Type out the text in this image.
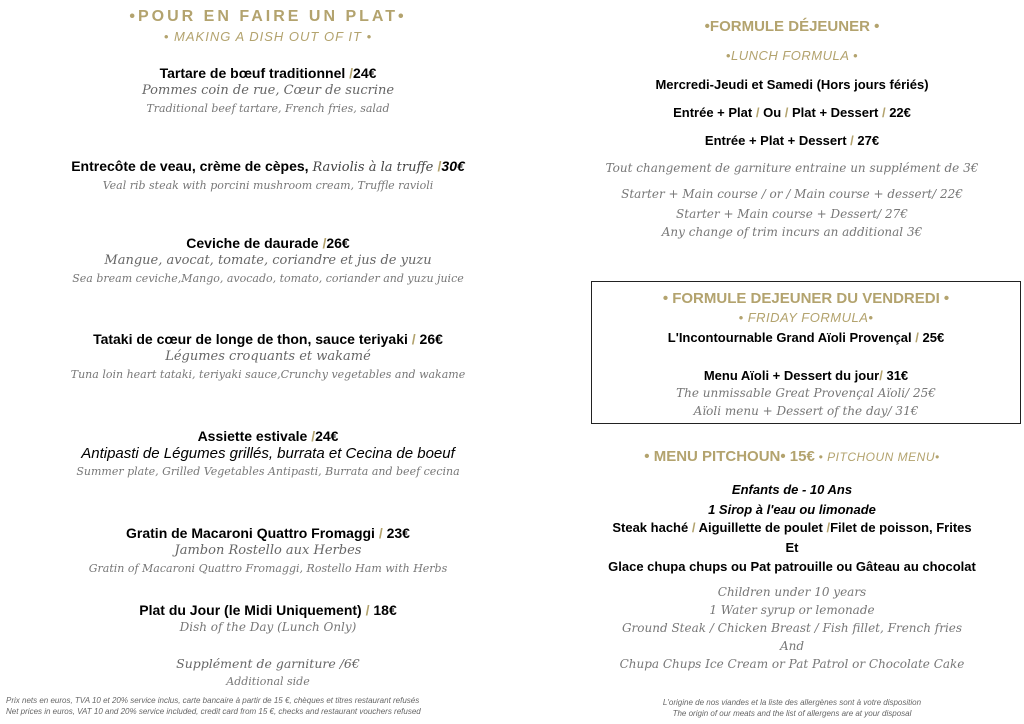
•POUR EN FAIRE UN PLAT•
• MAKING A DISH OUT OF IT •
Tartare de bœuf traditionnel /24€
Pommes coin de rue, Cœur de sucrine
Traditional beef tartare, French fries, salad
Entrecôte de veau, crème de cèpes, Raviolis à la truffe /30€
Veal rib steak with porcini mushroom cream, Truffle ravioli
Ceviche de daurade /26€
Mangue, avocat, tomate, coriandre et jus de yuzu
Sea bream ceviche,Mango, avocado, tomato, coriander and yuzu juice
Tataki de cœur de longe de thon, sauce teriyaki / 26€
Légumes croquants et wakamé
Tuna loin heart tataki, teriyaki sauce,Crunchy vegetables and wakame
Assiette estivale /24€
Antipasti de Légumes grillés, burrata et Cecina de boeuf
Summer plate, Grilled Vegetables Antipasti, Burrata and beef cecina
Gratin de Macaroni Quattro Fromaggi / 23€
Jambon Rostello aux Herbes
Gratin of Macaroni Quattro Fromaggi, Rostello Ham with Herbs
Plat du Jour (le Midi Uniquement) / 18€
Dish of the Day (Lunch Only)
Supplément de garniture /6€
Additional side
Prix nets en euros, TVA 10 et 20% service inclus, carte bancaire à partir de 15 €, chèques et titres restaurant refusés
Net prices in euros, VAT 10 and 20% service included, credit card from 15 €, checks and restaurant vouchers refused
•FORMULE DÉJEUNER •
•LUNCH FORMULA •
Mercredi-Jeudi et Samedi (Hors jours fériés)
Entrée + Plat / Ou / Plat + Dessert / 22€
Entrée + Plat + Dessert / 27€
Tout changement de garniture entraine un supplément de 3€
Starter + Main course / or / Main course + dessert/ 22€
Starter + Main course + Dessert/ 27€
Any change of trim incurs an additional 3€
• FORMULE DEJEUNER DU VENDREDI •
• FRIDAY FORMULA•
L'Incontournable Grand Aïoli Provençal / 25€
Menu Aïoli + Dessert du jour/ 31€
The unmissable Great Provençal Aïoli/ 25€
Aïoli menu + Dessert of the day/ 31€
• MENU PITCHOUN• 15€ • PITCHOUN MENU•
Enfants de - 10 Ans
1 Sirop à l'eau ou limonade
Steak haché / Aiguillette de poulet /Filet de poisson, Frites
Et
Glace chupa chups ou Pat patrouille ou Gâteau au chocolat
Children under 10 years
1 Water syrup or lemonade
Ground Steak / Chicken Breast / Fish fillet, French fries
And
Chupa Chups Ice Cream or Pat Patrol or Chocolate Cake
L'origine de nos viandes et la liste des allergènes sont à votre disposition
The origin of our meats and the list of allergens are at your disposal
